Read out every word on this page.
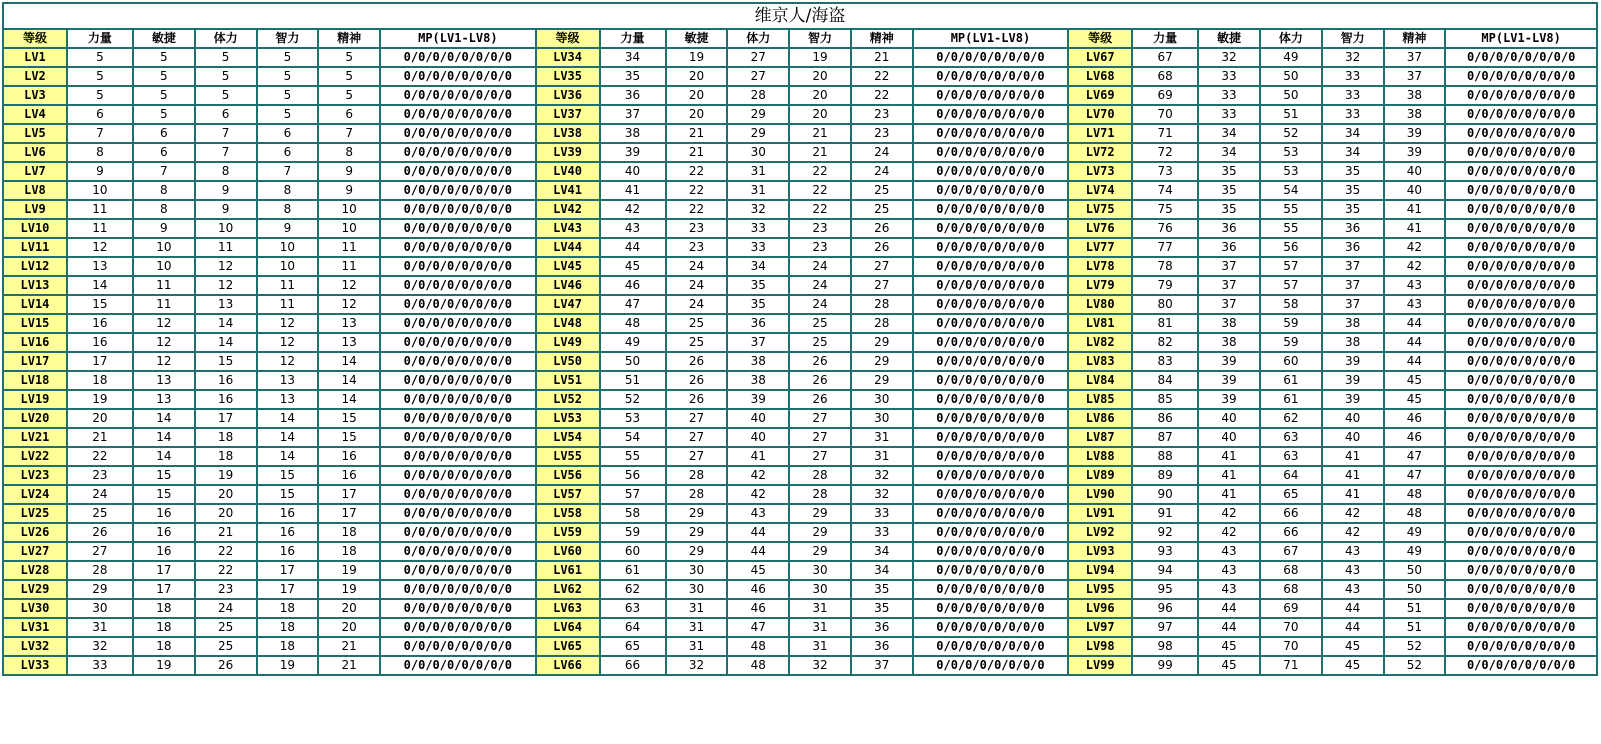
维京人/海盗																				
等级	力量	敏捷	体力	智力	精神	MP(LV1-LV8)	等级	力量	敏捷	体力	智力	精神	MP(LV1-LV8)	等级	力量	敏捷	体力	智力	精神	MP(LV1-LV8)
LV1	5	5	5	5	5	0/0/0/0/0/0/0/0	LV34	34	19	27	19	21	0/0/0/0/0/0/0/0	LV67	67	32	49	32	37	0/0/0/0/0/0/0/0
LV2	5	5	5	5	5	0/0/0/0/0/0/0/0	LV35	35	20	27	20	22	0/0/0/0/0/0/0/0	LV68	68	33	50	33	37	0/0/0/0/0/0/0/0
LV3	5	5	5	5	5	0/0/0/0/0/0/0/0	LV36	36	20	28	20	22	0/0/0/0/0/0/0/0	LV69	69	33	50	33	38	0/0/0/0/0/0/0/0
LV4	6	5	6	5	6	0/0/0/0/0/0/0/0	LV37	37	20	29	20	23	0/0/0/0/0/0/0/0	LV70	70	33	51	33	38	0/0/0/0/0/0/0/0
LV5	7	6	7	6	7	0/0/0/0/0/0/0/0	LV38	38	21	29	21	23	0/0/0/0/0/0/0/0	LV71	71	34	52	34	39	0/0/0/0/0/0/0/0
LV6	8	6	7	6	8	0/0/0/0/0/0/0/0	LV39	39	21	30	21	24	0/0/0/0/0/0/0/0	LV72	72	34	53	34	39	0/0/0/0/0/0/0/0
LV7	9	7	8	7	9	0/0/0/0/0/0/0/0	LV40	40	22	31	22	24	0/0/0/0/0/0/0/0	LV73	73	35	53	35	40	0/0/0/0/0/0/0/0
LV8	10	8	9	8	9	0/0/0/0/0/0/0/0	LV41	41	22	31	22	25	0/0/0/0/0/0/0/0	LV74	74	35	54	35	40	0/0/0/0/0/0/0/0
LV9	11	8	9	8	10	0/0/0/0/0/0/0/0	LV42	42	22	32	22	25	0/0/0/0/0/0/0/0	LV75	75	35	55	35	41	0/0/0/0/0/0/0/0
LV10	11	9	10	9	10	0/0/0/0/0/0/0/0	LV43	43	23	33	23	26	0/0/0/0/0/0/0/0	LV76	76	36	55	36	41	0/0/0/0/0/0/0/0
LV11	12	10	11	10	11	0/0/0/0/0/0/0/0	LV44	44	23	33	23	26	0/0/0/0/0/0/0/0	LV77	77	36	56	36	42	0/0/0/0/0/0/0/0
LV12	13	10	12	10	11	0/0/0/0/0/0/0/0	LV45	45	24	34	24	27	0/0/0/0/0/0/0/0	LV78	78	37	57	37	42	0/0/0/0/0/0/0/0
LV13	14	11	12	11	12	0/0/0/0/0/0/0/0	LV46	46	24	35	24	27	0/0/0/0/0/0/0/0	LV79	79	37	57	37	43	0/0/0/0/0/0/0/0
LV14	15	11	13	11	12	0/0/0/0/0/0/0/0	LV47	47	24	35	24	28	0/0/0/0/0/0/0/0	LV80	80	37	58	37	43	0/0/0/0/0/0/0/0
LV15	16	12	14	12	13	0/0/0/0/0/0/0/0	LV48	48	25	36	25	28	0/0/0/0/0/0/0/0	LV81	81	38	59	38	44	0/0/0/0/0/0/0/0
LV16	16	12	14	12	13	0/0/0/0/0/0/0/0	LV49	49	25	37	25	29	0/0/0/0/0/0/0/0	LV82	82	38	59	38	44	0/0/0/0/0/0/0/0
LV17	17	12	15	12	14	0/0/0/0/0/0/0/0	LV50	50	26	38	26	29	0/0/0/0/0/0/0/0	LV83	83	39	60	39	44	0/0/0/0/0/0/0/0
LV18	18	13	16	13	14	0/0/0/0/0/0/0/0	LV51	51	26	38	26	29	0/0/0/0/0/0/0/0	LV84	84	39	61	39	45	0/0/0/0/0/0/0/0
LV19	19	13	16	13	14	0/0/0/0/0/0/0/0	LV52	52	26	39	26	30	0/0/0/0/0/0/0/0	LV85	85	39	61	39	45	0/0/0/0/0/0/0/0
LV20	20	14	17	14	15	0/0/0/0/0/0/0/0	LV53	53	27	40	27	30	0/0/0/0/0/0/0/0	LV86	86	40	62	40	46	0/0/0/0/0/0/0/0
LV21	21	14	18	14	15	0/0/0/0/0/0/0/0	LV54	54	27	40	27	31	0/0/0/0/0/0/0/0	LV87	87	40	63	40	46	0/0/0/0/0/0/0/0
LV22	22	14	18	14	16	0/0/0/0/0/0/0/0	LV55	55	27	41	27	31	0/0/0/0/0/0/0/0	LV88	88	41	63	41	47	0/0/0/0/0/0/0/0
LV23	23	15	19	15	16	0/0/0/0/0/0/0/0	LV56	56	28	42	28	32	0/0/0/0/0/0/0/0	LV89	89	41	64	41	47	0/0/0/0/0/0/0/0
LV24	24	15	20	15	17	0/0/0/0/0/0/0/0	LV57	57	28	42	28	32	0/0/0/0/0/0/0/0	LV90	90	41	65	41	48	0/0/0/0/0/0/0/0
LV25	25	16	20	16	17	0/0/0/0/0/0/0/0	LV58	58	29	43	29	33	0/0/0/0/0/0/0/0	LV91	91	42	66	42	48	0/0/0/0/0/0/0/0
LV26	26	16	21	16	18	0/0/0/0/0/0/0/0	LV59	59	29	44	29	33	0/0/0/0/0/0/0/0	LV92	92	42	66	42	49	0/0/0/0/0/0/0/0
LV27	27	16	22	16	18	0/0/0/0/0/0/0/0	LV60	60	29	44	29	34	0/0/0/0/0/0/0/0	LV93	93	43	67	43	49	0/0/0/0/0/0/0/0
LV28	28	17	22	17	19	0/0/0/0/0/0/0/0	LV61	61	30	45	30	34	0/0/0/0/0/0/0/0	LV94	94	43	68	43	50	0/0/0/0/0/0/0/0
LV29	29	17	23	17	19	0/0/0/0/0/0/0/0	LV62	62	30	46	30	35	0/0/0/0/0/0/0/0	LV95	95	43	68	43	50	0/0/0/0/0/0/0/0
LV30	30	18	24	18	20	0/0/0/0/0/0/0/0	LV63	63	31	46	31	35	0/0/0/0/0/0/0/0	LV96	96	44	69	44	51	0/0/0/0/0/0/0/0
LV31	31	18	25	18	20	0/0/0/0/0/0/0/0	LV64	64	31	47	31	36	0/0/0/0/0/0/0/0	LV97	97	44	70	44	51	0/0/0/0/0/0/0/0
LV32	32	18	25	18	21	0/0/0/0/0/0/0/0	LV65	65	31	48	31	36	0/0/0/0/0/0/0/0	LV98	98	45	70	45	52	0/0/0/0/0/0/0/0
LV33	33	19	26	19	21	0/0/0/0/0/0/0/0	LV66	66	32	48	32	37	0/0/0/0/0/0/0/0	LV99	99	45	71	45	52	0/0/0/0/0/0/0/0
